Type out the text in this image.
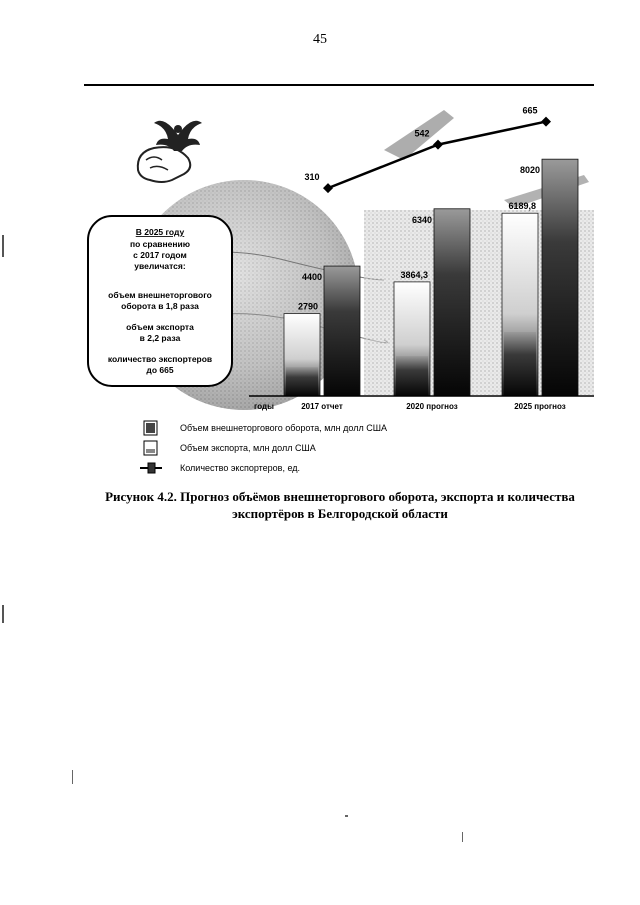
45
2790
4400	3864,3
6340
6189,8
8020
310
542
665
годы	2017 отчет	2020 прогноз	2025 прогноз
В 2025 году
по сравнению
с 2017 годом
увеличатся:
объем внешнеторгового
оборота в 1,8 раза
объем экспорта
в 2,2 раза
количество экспортеров
до 665
Объем внешнеторгового оборота, млн долл США
Объем экспорта, млн долл США
Количество экспортеров, ед.
Рисунок 4.2. Прогноз объёмов внешнеторгового оборота, экспорта и количества экспортёров в Белгородской области
